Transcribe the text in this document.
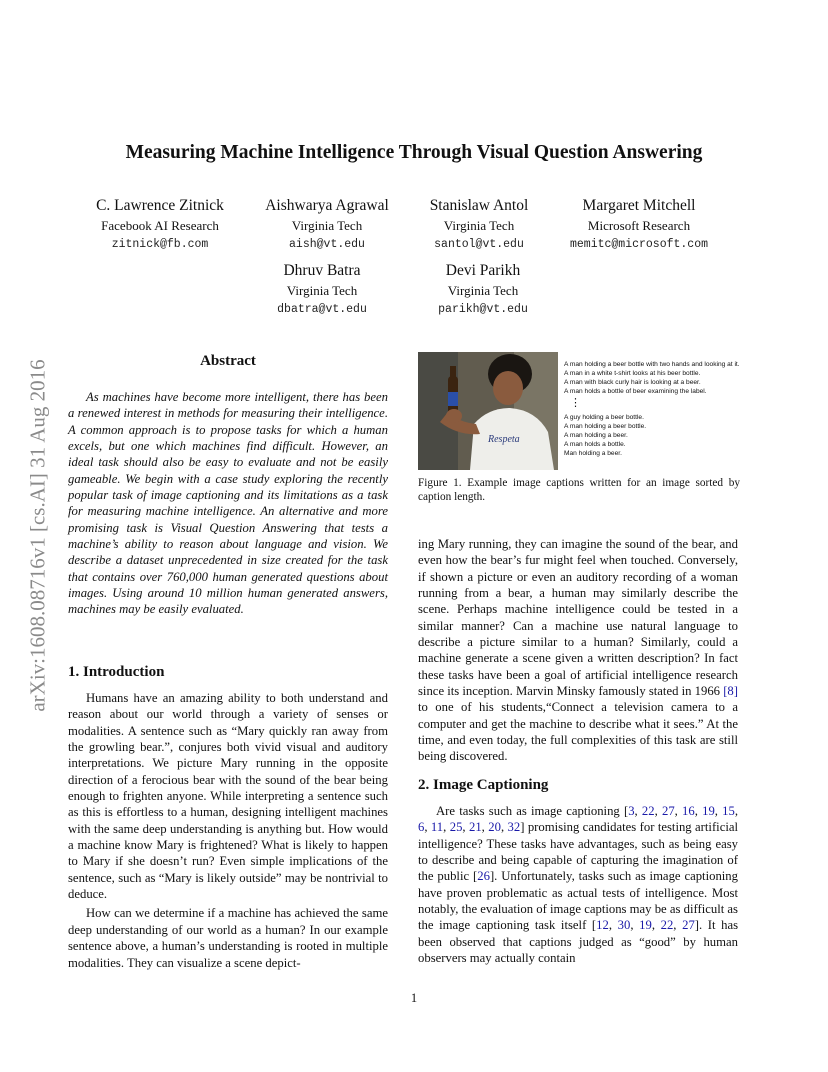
arXiv:1608.08716v1 [cs.AI] 31 Aug 2016
Measuring Machine Intelligence Through Visual Question Answering
C. Lawrence Zitnick
Facebook AI Research
zitnick@fb.com
Aishwarya Agrawal
Virginia Tech
aish@vt.edu
Stanislaw Antol
Virginia Tech
santol@vt.edu
Margaret Mitchell
Microsoft Research
memitc@microsoft.com
Dhruv Batra
Virginia Tech
dbatra@vt.edu
Devi Parikh
Virginia Tech
parikh@vt.edu
Abstract

As machines have become more intelligent, there has been a renewed interest in methods for measuring their intelligence. A common approach is to propose tasks for which a human excels, but one which machines find difficult. However, an ideal task should also be easy to evaluate and not be easily gameable. We begin with a case study exploring the recently popular task of image captioning and its limitations as a task for measuring machine intelligence. An alternative and more promising task is Visual Question Answering that tests a machine’s ability to reason about language and vision. We describe a dataset unprecedented in size created for the task that contains over 760,000 human generated questions about images. Using around 10 million human generated answers, machines may be easily evaluated.

1. Introduction

Humans have an amazing ability to both understand and reason about our world through a variety of senses or modalities. A sentence such as “Mary quickly ran away from the growling bear.”, conjures both vivid visual and auditory interpretations. We picture Mary running in the opposite direction of a ferocious bear with the sound of the bear being enough to frighten anyone. While interpreting a sentence such as this is effortless to a human, designing intelligent machines with the same deep understanding is anything but. How would a machine know Mary is frightened? What is likely to happen to Mary if she doesn’t run? Even simple implications of the sentence, such as “Mary is likely outside” may be nontrivial to deduce.

How can we determine if a machine has achieved the same deep understanding of our world as a human? In our example sentence above, a human’s understanding is rooted in multiple modalities. They can visualize a scene depict-

Respeta
A man holding a beer bottle with two hands and looking at it.
A man in a white t-shirt looks at his beer bottle.
A man with black curly hair is looking at a beer.
A man holds a bottle of beer examining the label.
⋮
A guy holding a beer bottle.
A man holding a beer bottle.
A man holding a beer.
A man holds a bottle.
Man holding a beer.
Figure 1. Example image captions written for an image sorted by caption length.

ing Mary running, they can imagine the sound of the bear, and even how the bear’s fur might feel when touched. Conversely, if shown a picture or even an auditory recording of a woman running from a bear, a human may similarly describe the scene. Perhaps machine intelligence could be tested in a similar manner? Can a machine use natural language to describe a picture similar to a human? Similarly, could a machine generate a scene given a written description? In fact these tasks have been a goal of artificial intelligence research since its inception. Marvin Minsky famously stated in 1966 [8] to one of his students,“Connect a television camera to a computer and get the machine to describe what it sees.” At the time, and even today, the full complexities of this task are still being discovered.

2. Image Captioning

Are tasks such as image captioning [3, 22, 27, 16, 19, 15, 6, 11, 25, 21, 20, 32] promising candidates for testing artificial intelligence? These tasks have advantages, such as being easy to describe and being capable of capturing the imagination of the public [26]. Unfortunately, tasks such as image captioning have proven problematic as actual tests of intelligence. Most notably, the evaluation of image captions may be as difficult as the image captioning task itself [12, 30, 19, 22, 27]. It has been observed that captions judged as “good” by human observers may actually contain

1
